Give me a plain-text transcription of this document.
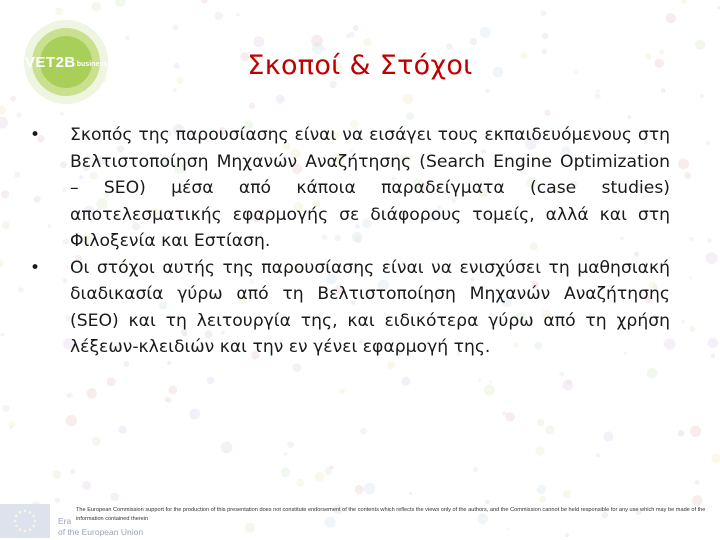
VET2B business	Σκοποί & Στόχοι
•	Σκοπός της παρουσίασης είναι να εισάγει τους εκπαιδευόμενους στη Βελτιστοποίηση Μηχανών Αναζήτησης (Search Engine Optimization – SEO) μέσα από κάποια παραδείγματα (case studies) αποτελεσματικής εφαρμογής σε διάφορους τομείς, αλλά και στη Φιλοξενία και Εστίαση.
•	Οι στόχοι αυτής της παρουσίασης είναι να ενισχύσει τη μαθησιακή διαδικασία γύρω από τη Βελτιστοποίηση Μηχανών Αναζήτησης (SEO) και τη λειτουργία της, και ειδικότερα γύρω από τη χρήση λέξεων-κλειδιών και την εν γένει εφαρμογή της.
Era
of the European Union
The European Commission support for the production of this presentation does not constitute endorsement of the contents which reflects the views only of the authors, and the Commission cannot be held responsible for any use which may be made of the information contained therein
